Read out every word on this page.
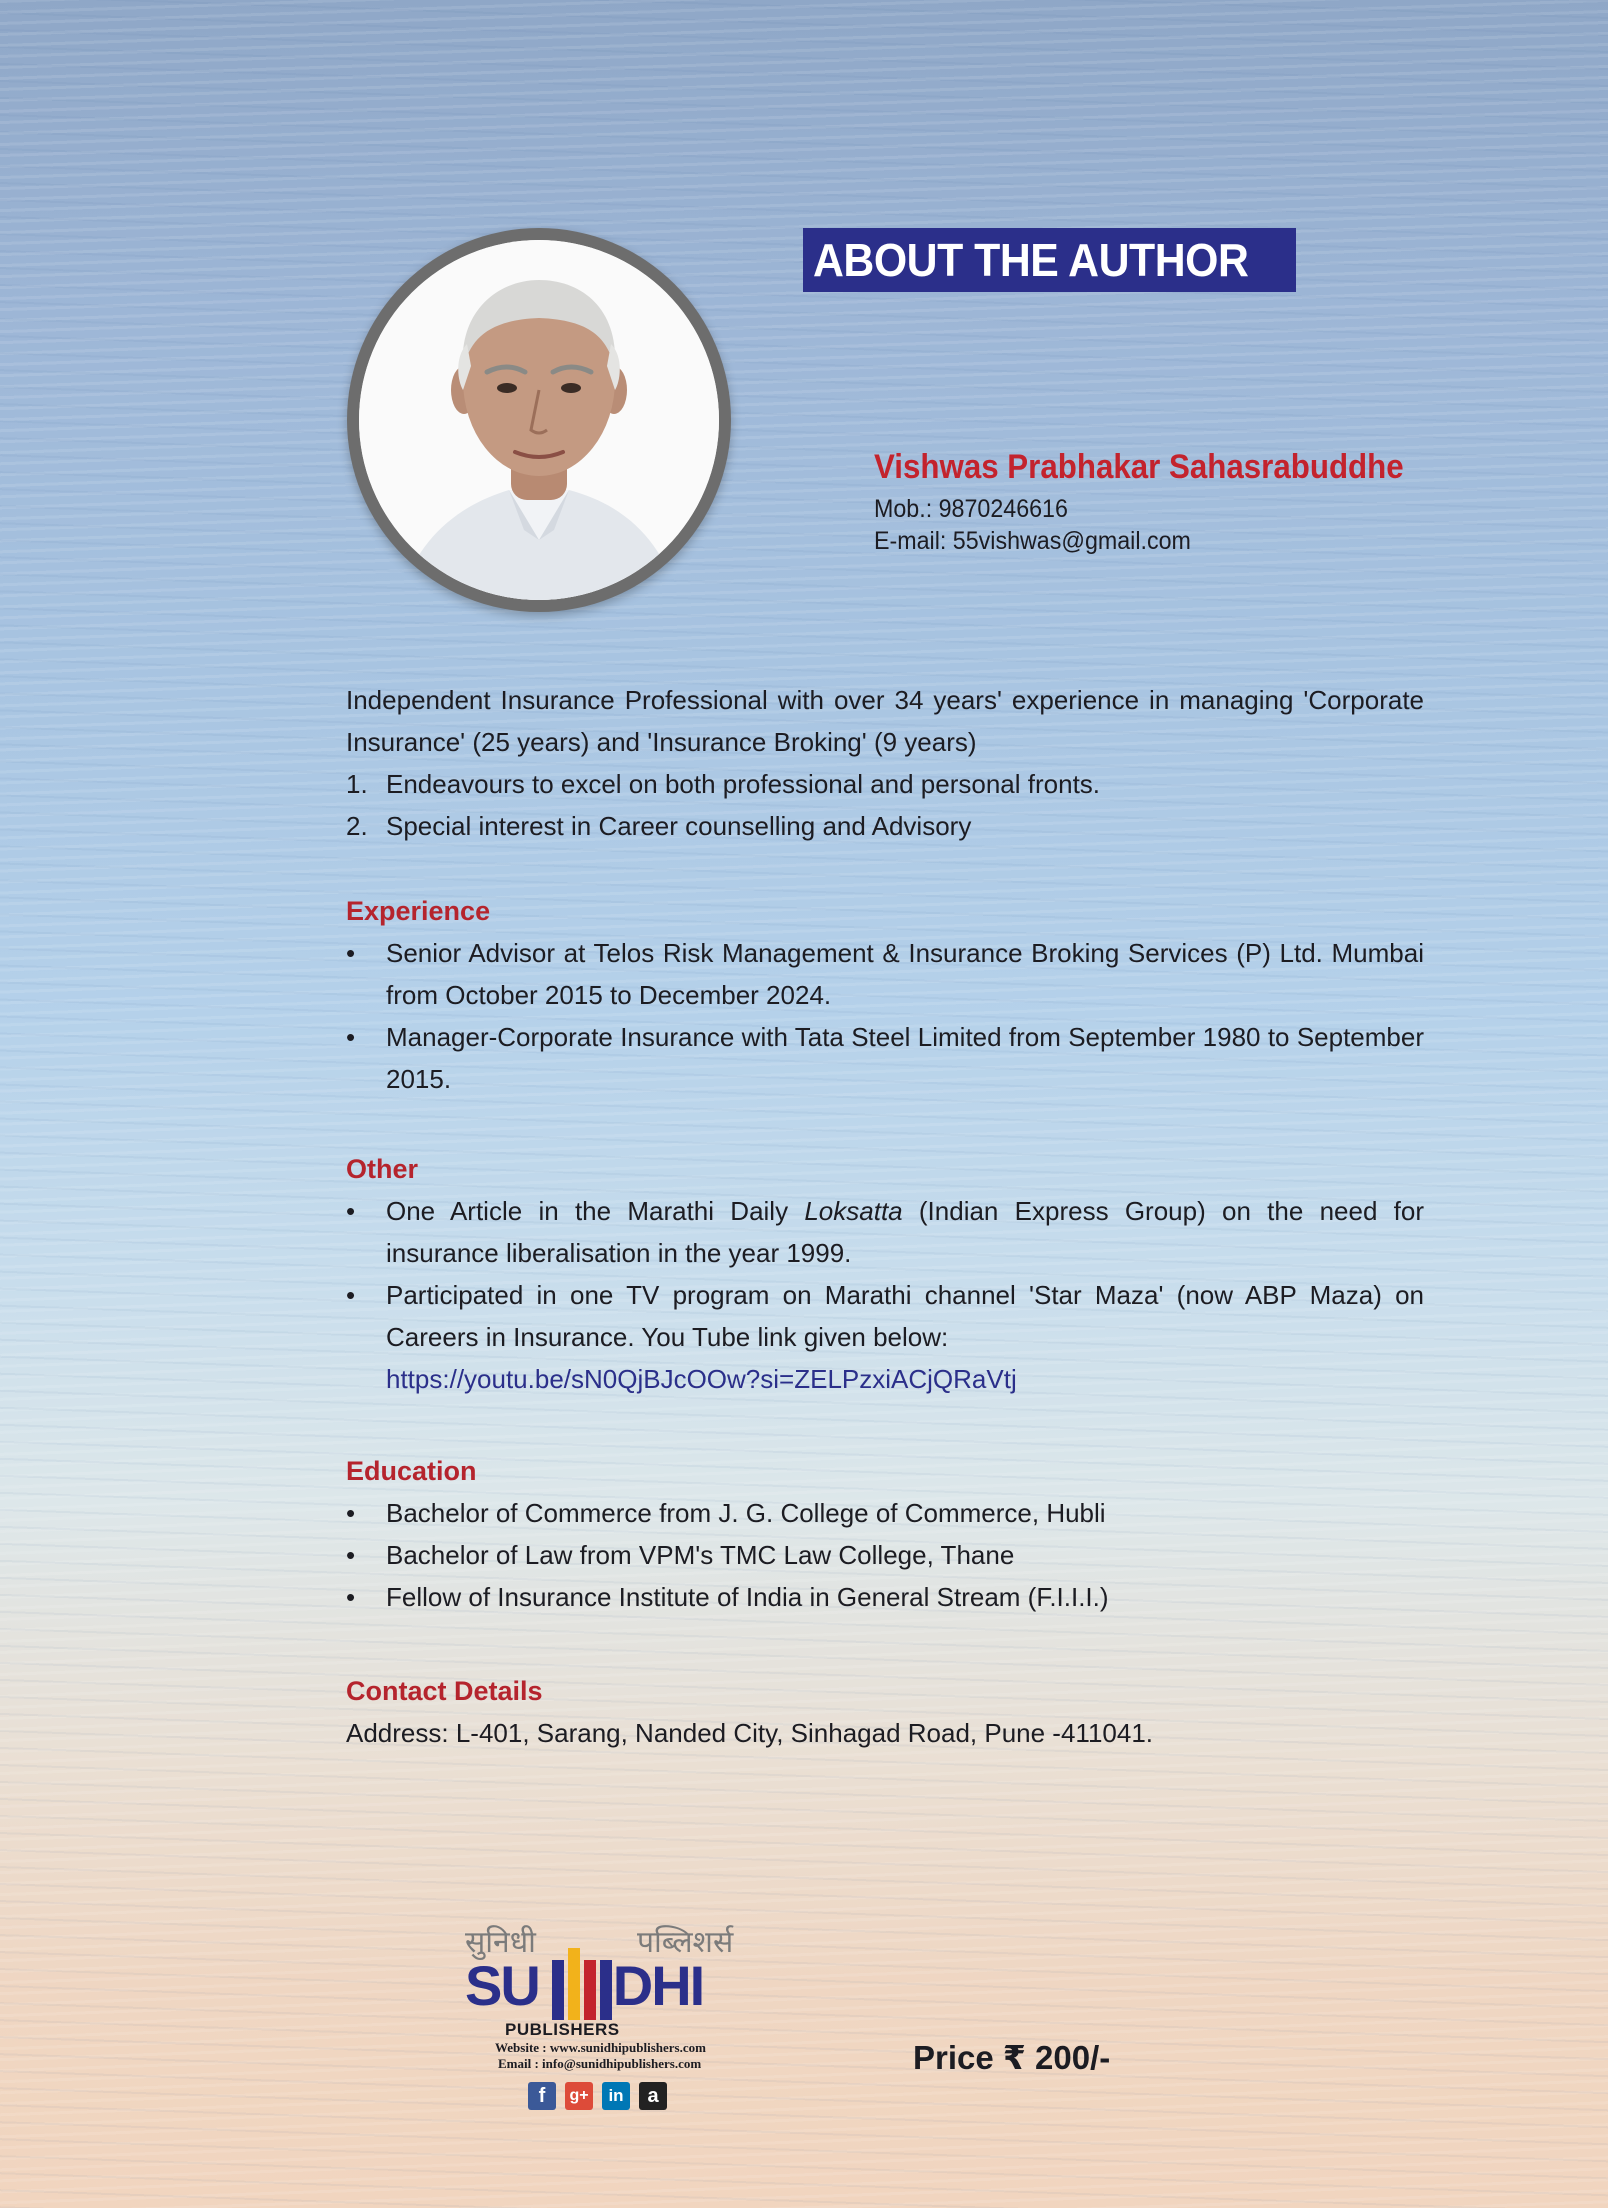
ABOUT THE AUTHOR
Vishwas Prabhakar Sahasrabuddhe
Mob.: 9870246616
E-mail: 55vishwas@gmail.com

Independent Insurance Professional with over 34 years' experience in managing 'Corporate Insurance' (25 years) and 'Insurance Broking' (9 years)

1. Endeavours to excel on both professional and personal fronts.

2. Special interest in Career counselling and Advisory

Experience

•	Senior Advisor at Telos Risk Management & Insurance Broking Services (P) Ltd. Mumbai from October 2015 to December 2024.

•	Manager-Corporate Insurance with Tata Steel Limited from September 1980 to September 2015.

Other

•	One Article in the Marathi Daily Loksatta (Indian Express Group) on the need for insurance liberalisation in the year 1999.

•	Participated in one TV program on Marathi channel 'Star Maza' (now ABP Maza) on Careers in Insurance. You Tube link given below:
https://youtu.be/sN0QjBJcOOw?si=ZELPzxiACjQRaVtj

Education

•	Bachelor of Commerce from J. G. College of Commerce, Hubli

•	Bachelor of Law from VPM's TMC Law College, Thane

•	Fellow of Insurance Institute of India in General Stream (F.I.I.I.)

Contact Details

Address: L-401, Sarang, Nanded City, Sinhagad Road, Pune -411041.

सुनिधी	पब्लिशर्स
SU DHI
PUBLISHERS
Website : www.sunidhipublishers.com
Email : info@sunidhipublishers.com
f	g+	in	a
Price ₹ 200/-
